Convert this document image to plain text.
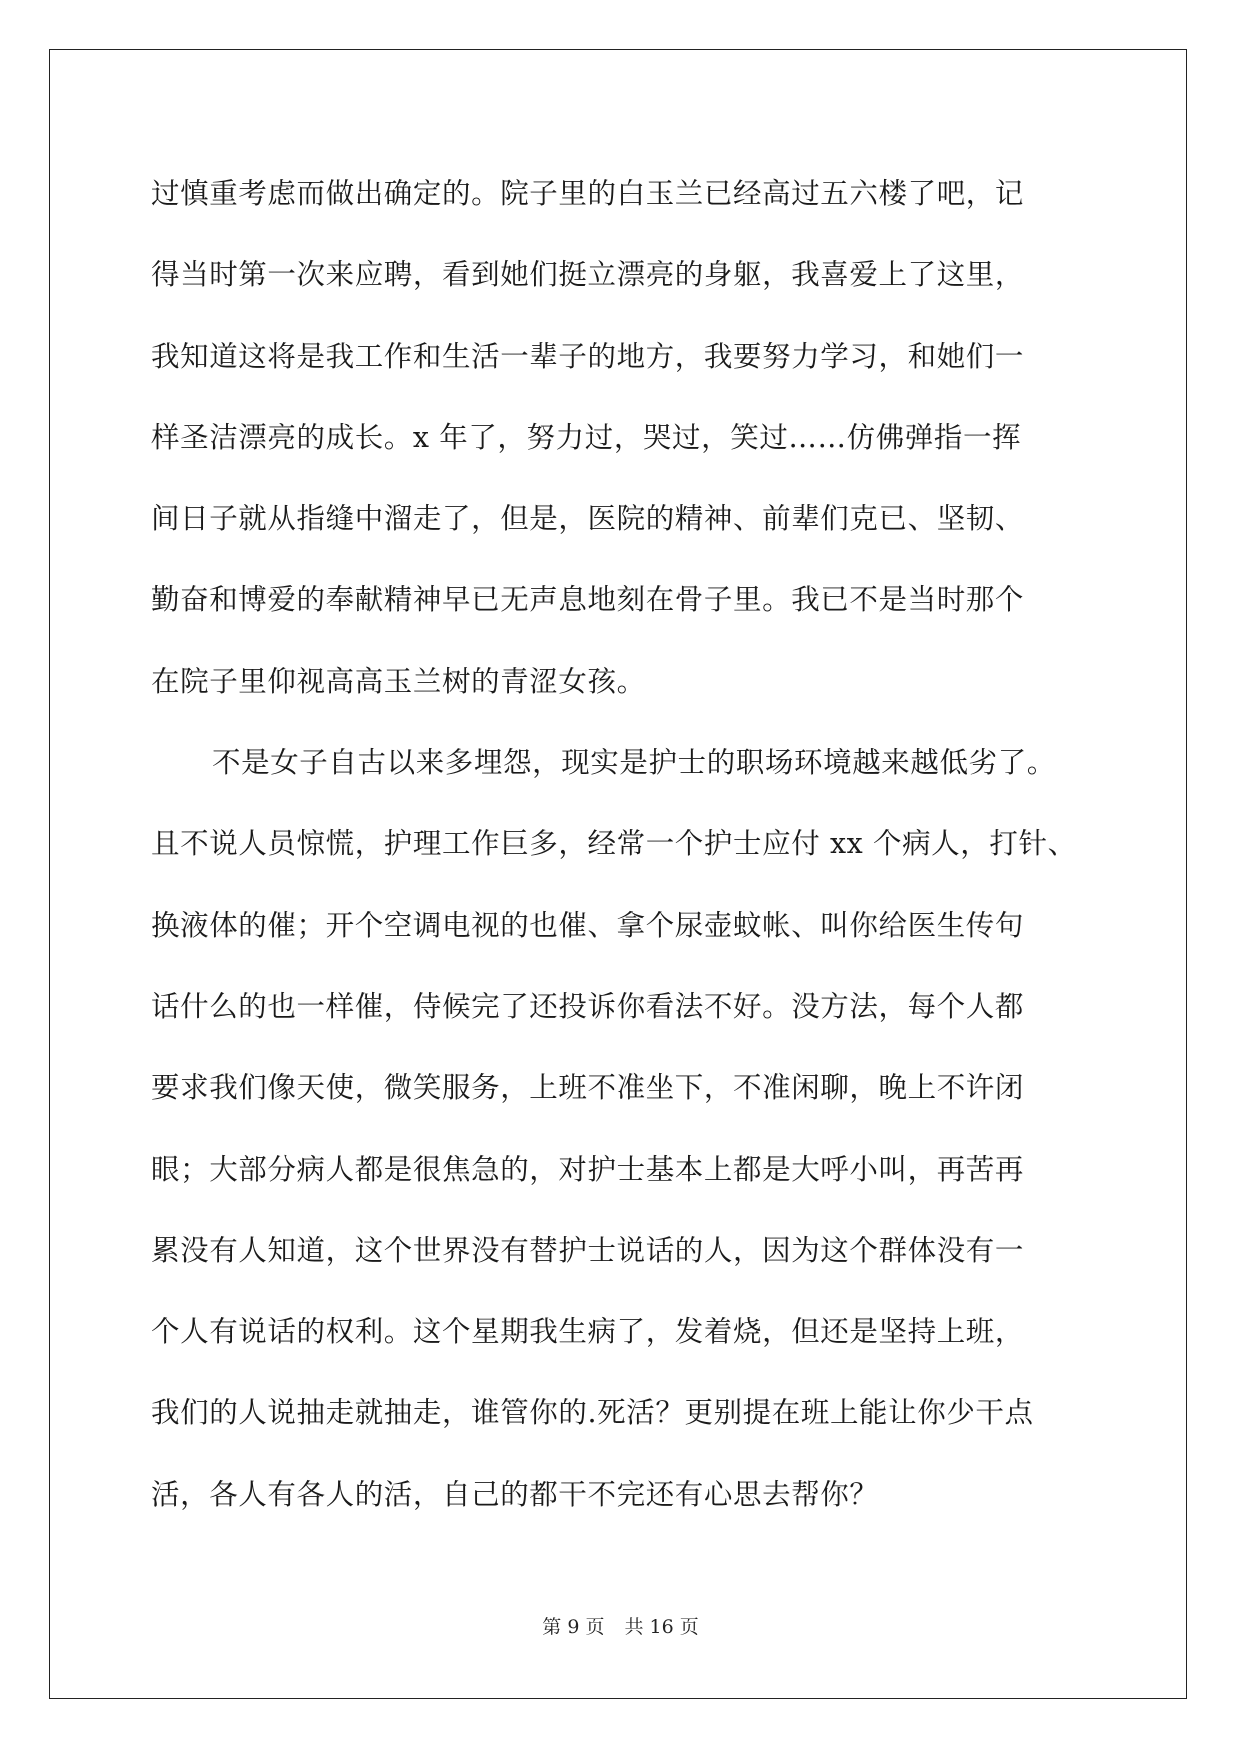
过慎重考虑而做出确定的。院子里的白玉兰已经高过五六楼了吧，记
得当时第一次来应聘，看到她们挺立漂亮的身躯，我喜爱上了这里，
我知道这将是我工作和生活一辈子的地方，我要努力学习，和她们一
样圣洁漂亮的成长。x 年了，努力过，哭过，笑过……仿佛弹指一挥
间日子就从指缝中溜走了，但是，医院的精神、前辈们克已、坚韧、
勤奋和博爱的奉献精神早已无声息地刻在骨子里。我已不是当时那个
在院子里仰视高高玉兰树的青涩女孩。
不是女子自古以来多埋怨，现实是护士的职场环境越来越低劣了。
且不说人员惊慌，护理工作巨多，经常一个护士应付 xx 个病人，打针、
换液体的催；开个空调电视的也催、拿个尿壶蚊帐、叫你给医生传句
话什么的也一样催，侍候完了还投诉你看法不好。没方法，每个人都
要求我们像天使，微笑服务，上班不准坐下，不准闲聊，晚上不许闭
眼；大部分病人都是很焦急的，对护士基本上都是大呼小叫，再苦再
累没有人知道，这个世界没有替护士说话的人，因为这个群体没有一
个人有说话的权利。这个星期我生病了，发着烧，但还是坚持上班，
我们的人说抽走就抽走，谁管你的.死活？更别提在班上能让你少干点
活，各人有各人的活，自己的都干不完还有心思去帮你？
第 9 页 共 16 页
